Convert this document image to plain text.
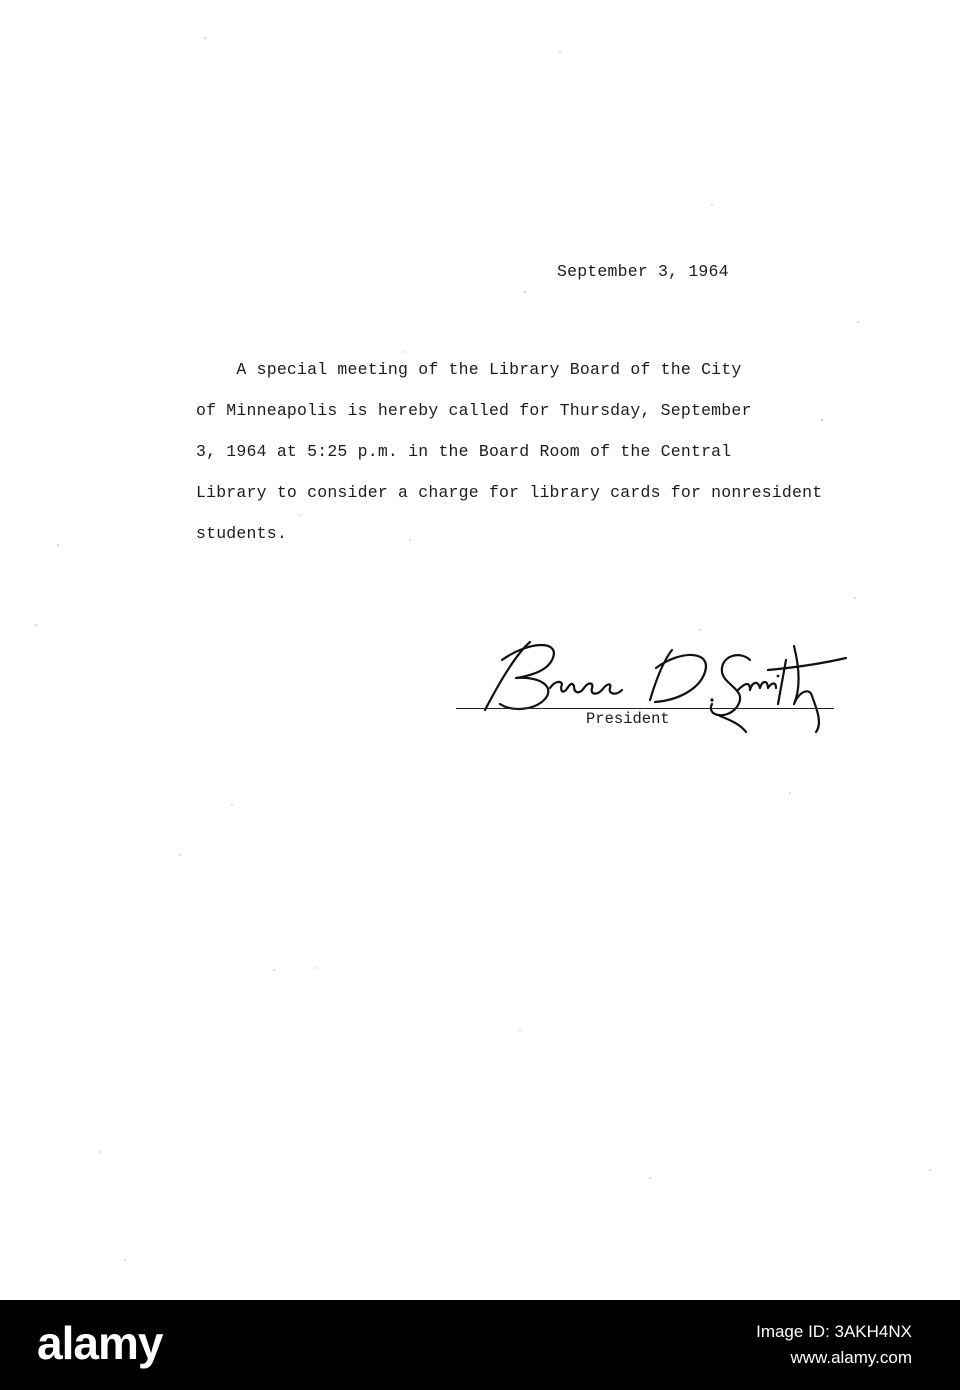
September 3, 1964
A special meeting of the Library Board of the City
of Minneapolis is hereby called for Thursday, September
3, 1964 at 5:25 p.m. in the Board Room of the Central
Library to consider a charge for library cards for nonresident
students.
President
alamy	Image ID: 3AKH4NX
www.alamy.com
